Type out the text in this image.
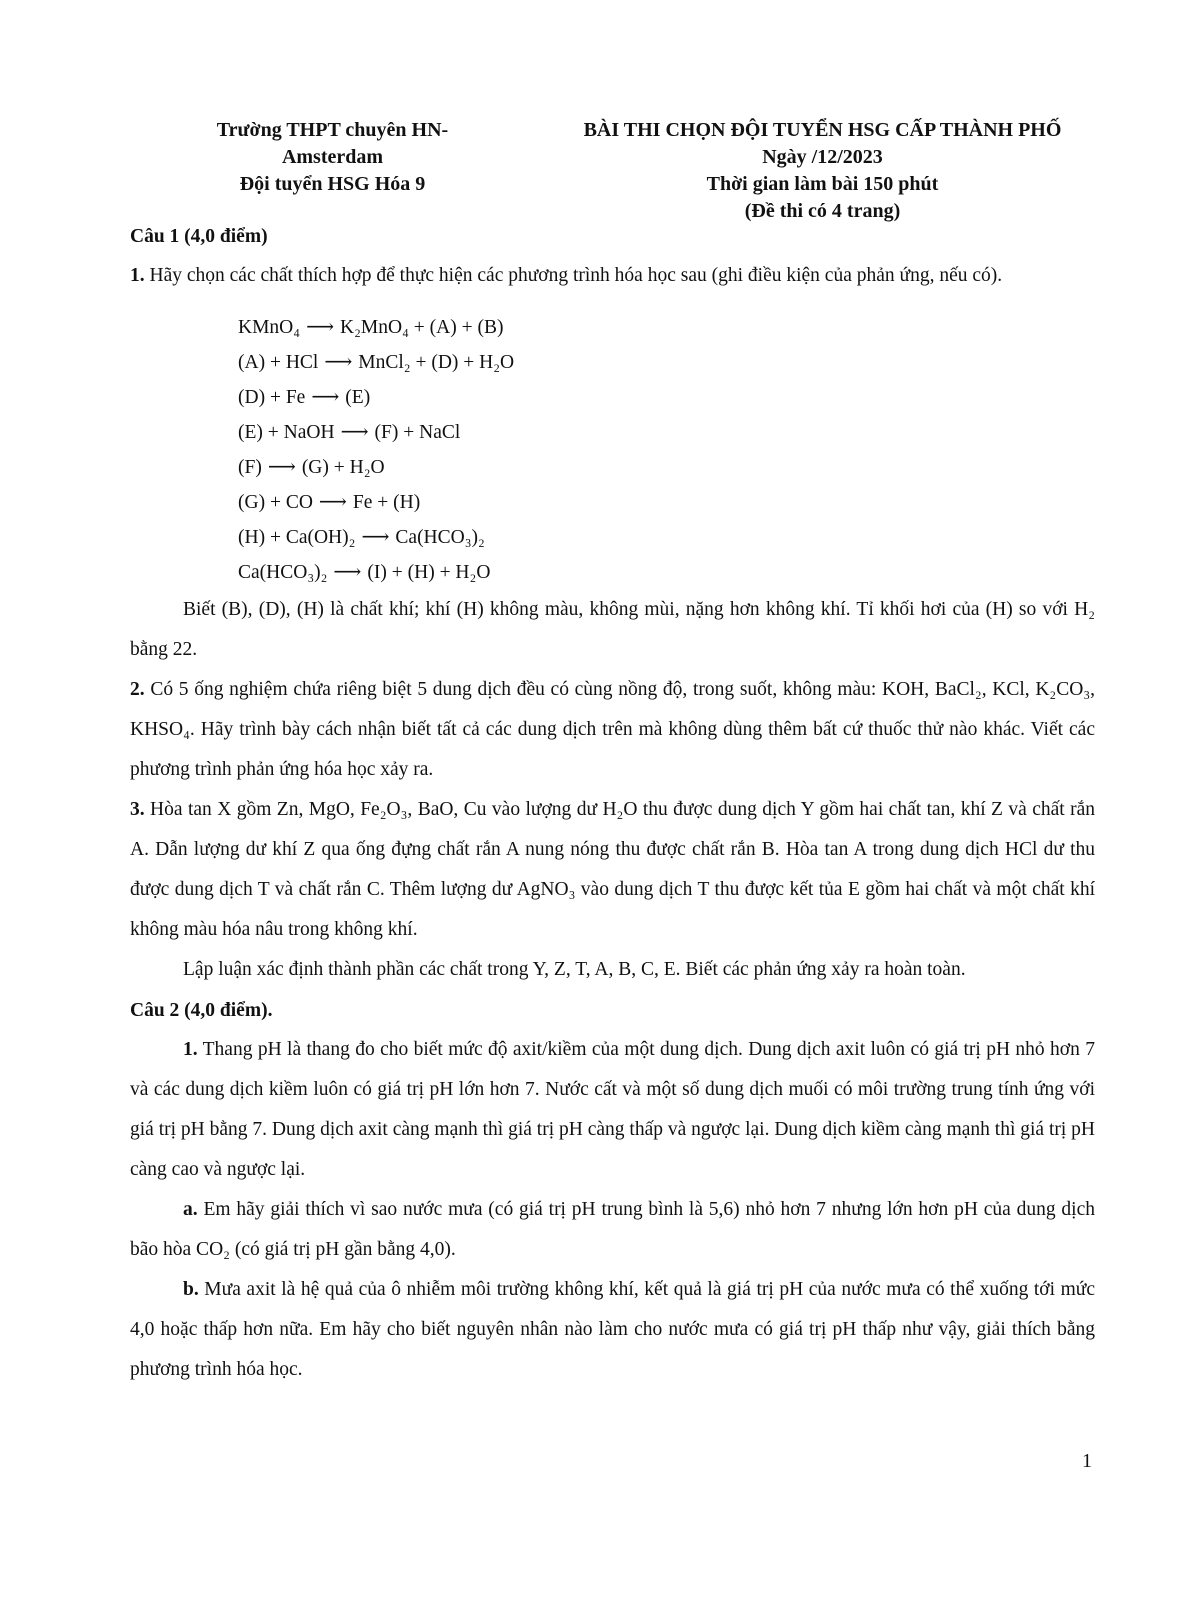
Trường THPT chuyên HN-
Amsterdam
Đội tuyển HSG Hóa 9
BÀI THI CHỌN ĐỘI TUYỂN HSG CẤP THÀNH PHỐ
Ngày /12/2023
Thời gian làm bài 150 phút
(Đề thi có 4 trang)

Câu 1 (4,0 điểm)

1. Hãy chọn các chất thích hợp để thực hiện các phương trình hóa học sau (ghi điều kiện của phản ứng, nếu có).

KMnO₄ ⟶ K₂MnO₄ + (A) + (B)
(A) + HCl ⟶ MnCl₂ + (D) + H₂O
(D) + Fe ⟶ (E)
(E) + NaOH ⟶ (F) + NaCl
(F) ⟶ (G) + H₂O
(G) + CO ⟶ Fe + (H)
(H) + Ca(OH)₂ ⟶ Ca(HCO₃)₂
Ca(HCO₃)₂ ⟶ (I) + (H) + H₂O

Biết (B), (D), (H) là chất khí; khí (H) không màu, không mùi, nặng hơn không khí. Tỉ khối hơi của (H) so với H₂ bằng 22.

2. Có 5 ống nghiệm chứa riêng biệt 5 dung dịch đều có cùng nồng độ, trong suốt, không màu: KOH, BaCl₂, KCl, K₂CO₃, KHSO₄. Hãy trình bày cách nhận biết tất cả các dung dịch trên mà không dùng thêm bất cứ thuốc thử nào khác. Viết các phương trình phản ứng hóa học xảy ra.

3. Hòa tan X gồm Zn, MgO, Fe₂O₃, BaO, Cu vào lượng dư H₂O thu được dung dịch Y gồm hai chất tan, khí Z và chất rắn A. Dẫn lượng dư khí Z qua ống đựng chất rắn A nung nóng thu được chất rắn B. Hòa tan A trong dung dịch HCl dư thu được dung dịch T và chất rắn C. Thêm lượng dư AgNO₃ vào dung dịch T thu được kết tủa E gồm hai chất và một chất khí không màu hóa nâu trong không khí.

Lập luận xác định thành phần các chất trong Y, Z, T, A, B, C, E. Biết các phản ứng xảy ra hoàn toàn.

Câu 2 (4,0 điểm).

1. Thang pH là thang đo cho biết mức độ axit/kiềm của một dung dịch. Dung dịch axit luôn có giá trị pH nhỏ hơn 7 và các dung dịch kiềm luôn có giá trị pH lớn hơn 7. Nước cất và một số dung dịch muối có môi trường trung tính ứng với giá trị pH bằng 7. Dung dịch axit càng mạnh thì giá trị pH càng thấp và ngược lại. Dung dịch kiềm càng mạnh thì giá trị pH càng cao và ngược lại.

a. Em hãy giải thích vì sao nước mưa (có giá trị pH trung bình là 5,6) nhỏ hơn 7 nhưng lớn hơn pH của dung dịch bão hòa CO₂ (có giá trị pH gần bằng 4,0).

b. Mưa axit là hệ quả của ô nhiễm môi trường không khí, kết quả là giá trị pH của nước mưa có thể xuống tới mức 4,0 hoặc thấp hơn nữa. Em hãy cho biết nguyên nhân nào làm cho nước mưa có giá trị pH thấp như vậy, giải thích bằng phương trình hóa học.

1
